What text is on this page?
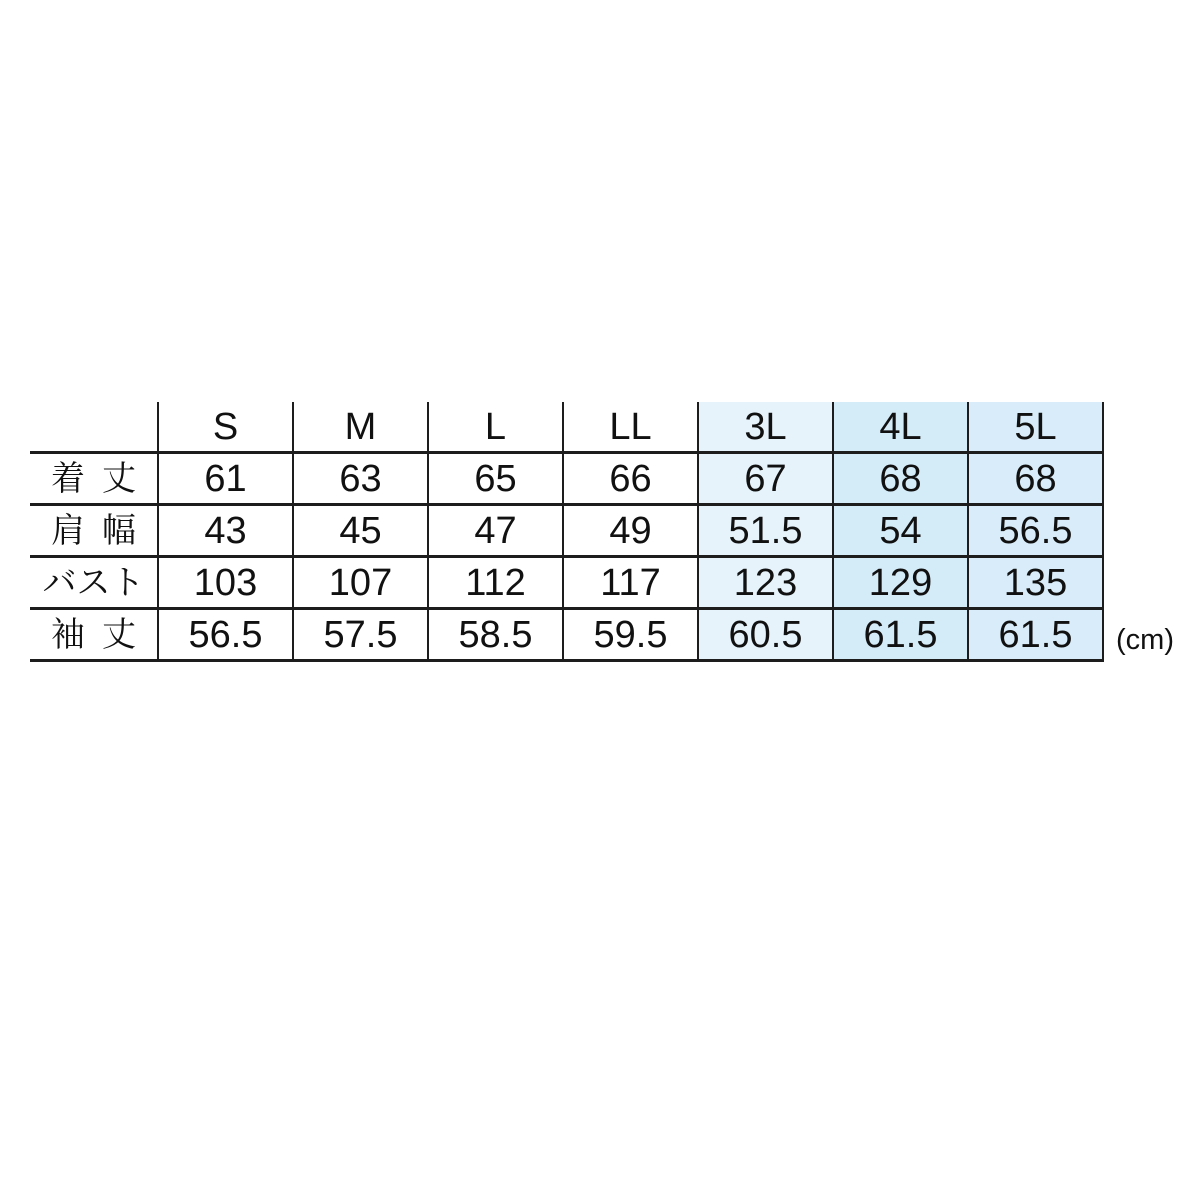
	S	M	L	LL	3L	4L	5L
着丈	61	63	65	66	67	68	68
肩幅	43	45	47	49	51.5	54	56.5
バスト	103	107	112	117	123	129	135
袖丈	56.5	57.5	58.5	59.5	60.5	61.5	61.5 (cm)
